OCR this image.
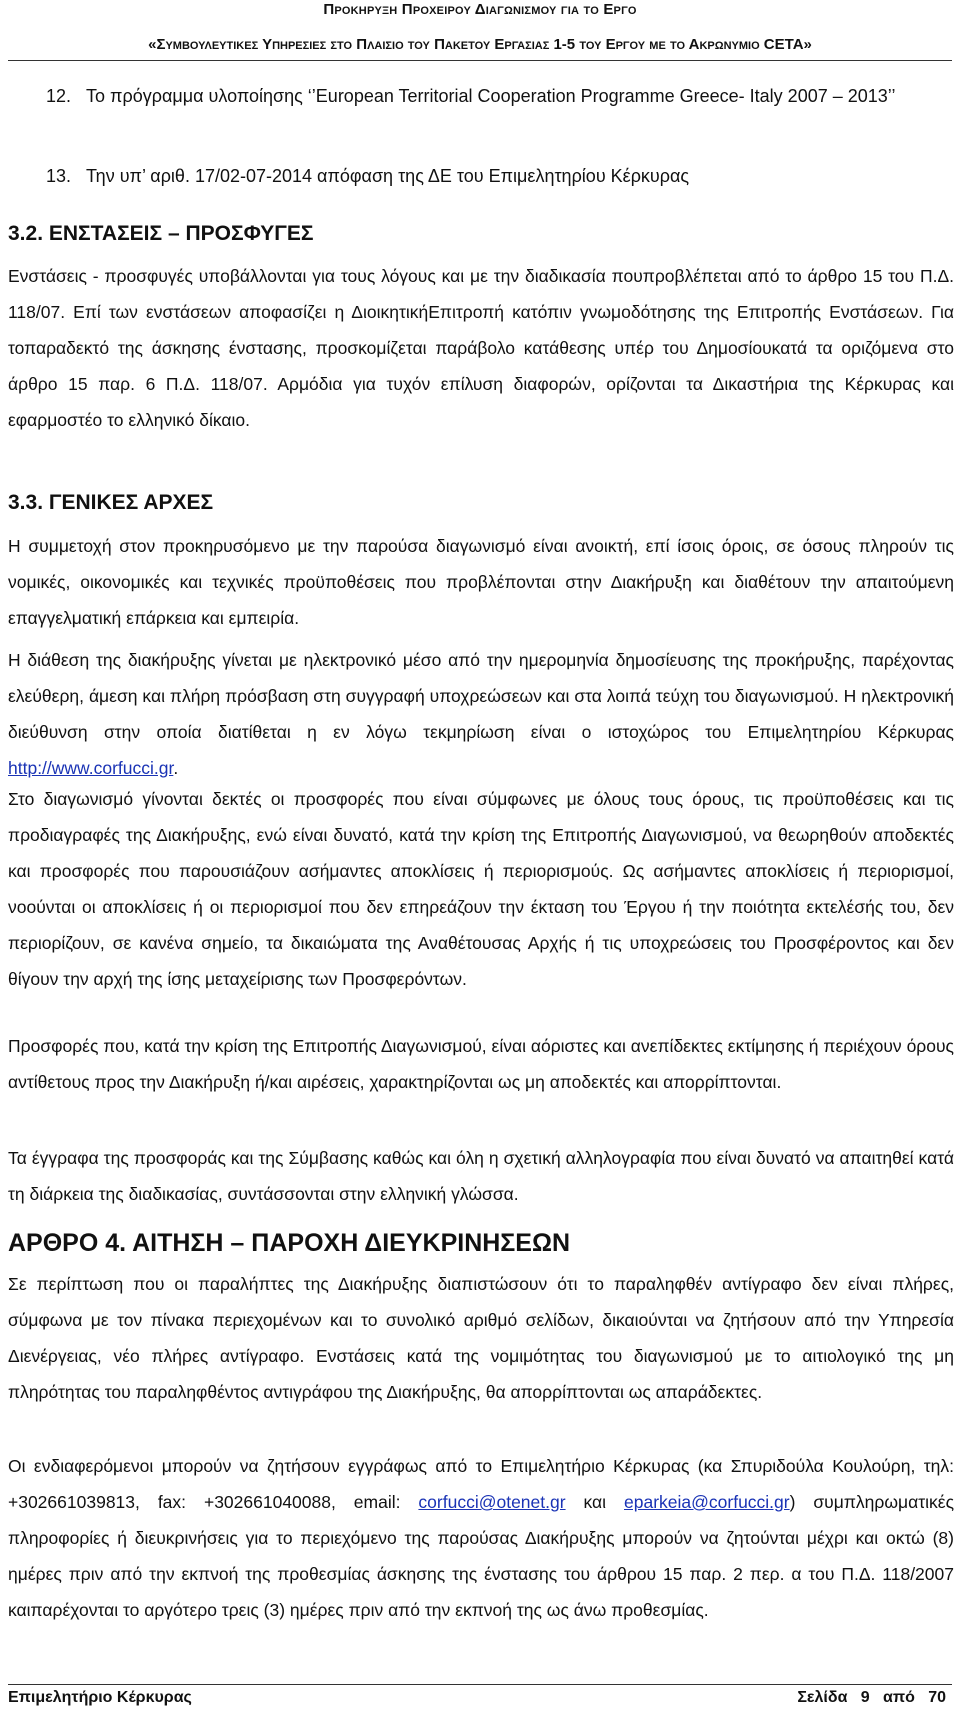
Προκηρυξη Προχειρου Διαγωνισμου για το Εργο
«Συμβουλευτικες Υπηρεσιες στο Πλαισιο του Πακετου Εργασιας 1-5 του Εργου με το Ακρωνυμιο CETA»
12. Το πρόγραμμα υλοποίησης ‘’European Territorial Cooperation Programme Greece- Italy 2007 – 2013’’
13. Την υπ’ αριθ. 17/02-07-2014 απόφαση της ΔΕ του Επιμελητηρίου Κέρκυρας
3.2. ΕΝΣΤΑΣΕΙΣ – ΠΡΟΣΦΥΓΕΣ

Ενστάσεις - προσφυγές υποβάλλονται για τους λόγους και με την διαδικασία πουπροβλέπεται από το άρθρο 15 του Π.Δ. 118/07. Επί των ενστάσεων αποφασίζει η ΔιοικητικήΕπιτροπή κατόπιν γνωμοδότησης της Επιτροπής Ενστάσεων. Για τοπαραδεκτό της άσκησης ένστασης, προσκομίζεται παράβολο κατάθεσης υπέρ του Δημοσίουκατά τα οριζόμενα στο άρθρο 15 παρ. 6 Π.Δ. 118/07. Αρμόδια για τυχόν επίλυση διαφορών, ορίζονται τα Δικαστήρια της Κέρκυρας και εφαρμοστέο το ελληνικό δίκαιο.

3.3. ΓΕΝΙΚΕΣ ΑΡΧΕΣ

Η συμμετοχή στον προκηρυσόμενο με την παρούσα διαγωνισμό είναι ανοικτή, επί ίσοις όροις, σε όσους πληρούν τις νομικές, οικονομικές και τεχνικές προϋποθέσεις που προβλέπονται στην Διακήρυξη και διαθέτουν την απαιτούμενη επαγγελματική επάρκεια και εμπειρία.

Η διάθεση της διακήρυξης γίνεται με ηλεκτρονικό μέσο από την ημερομηνία δημοσίευσης της προκήρυξης, παρέχοντας ελεύθερη, άμεση και πλήρη πρόσβαση στη συγγραφή υποχρεώσεων και στα λοιπά τεύχη του διαγωνισμού. Η ηλεκτρονική διεύθυνση στην οποία διατίθεται η εν λόγω τεκμηρίωση είναι ο ιστοχώρος του Επιμελητηρίου Κέρκυρας http://www.corfucci.gr.

Στο διαγωνισμό γίνονται δεκτές οι προσφορές που είναι σύμφωνες με όλους τους όρους, τις προϋποθέσεις και τις προδιαγραφές της Διακήρυξης, ενώ είναι δυνατό, κατά την κρίση της Επιτροπής Διαγωνισμού, να θεωρηθούν αποδεκτές και προσφορές που παρουσιάζουν ασήμαντες αποκλίσεις ή περιορισμούς. Ως ασήμαντες αποκλίσεις ή περιορισμοί, νοούνται οι αποκλίσεις ή οι περιορισμοί που δεν επηρεάζουν την έκταση του Έργου ή την ποιότητα εκτελέσής του, δεν περιορίζουν, σε κανένα σημείο, τα δικαιώματα της Αναθέτουσας Αρχής ή τις υποχρεώσεις του Προσφέροντος και δεν θίγουν την αρχή της ίσης μεταχείρισης των Προσφερόντων.

Προσφορές που, κατά την κρίση της Επιτροπής Διαγωνισμού, είναι αόριστες και ανεπίδεκτες εκτίμησης ή περιέχουν όρους αντίθετους προς την Διακήρυξη ή/και αιρέσεις, χαρακτηρίζονται ως μη αποδεκτές και απορρίπτονται.

Τα έγγραφα της προσφοράς και της Σύμβασης καθώς και όλη η σχετική αλληλογραφία που είναι δυνατό να απαιτηθεί κατά τη διάρκεια της διαδικασίας, συντάσσονται στην ελληνική γλώσσα.

ΑΡΘΡΟ 4. ΑΙΤΗΣΗ – ΠΑΡΟΧΗ ΔΙΕΥΚΡΙΝΗΣΕΩΝ

Σε περίπτωση που οι παραλήπτες της Διακήρυξης διαπιστώσουν ότι το παραληφθέν αντίγραφο δεν είναι πλήρες, σύμφωνα με τον πίνακα περιεχομένων και το συνολικό αριθμό σελίδων, δικαιούνται να ζητήσουν από την Υπηρεσία Διενέργειας, νέο πλήρες αντίγραφο. Ενστάσεις κατά της νομιμότητας του διαγωνισμού με το αιτιολογικό της μη πληρότητας του παραληφθέντος αντιγράφου της Διακήρυξης, θα απορρίπτονται ως απαράδεκτες.

Οι ενδιαφερόμενοι μπορούν να ζητήσουν εγγράφως από το Επιμελητήριο Κέρκυρας (κα Σπυριδούλα Κουλούρη, τηλ: +302661039813, fax: +302661040088, email: corfucci@otenet.gr και eparkeia@corfucci.gr) συμπληρωματικές πληροφορίες ή διευκρινήσεις για το περιεχόμενο της παρούσας Διακήρυξης μπορούν να ζητούνται μέχρι και οκτώ (8) ημέρες πριν από την εκπνοή της προθεσμίας άσκησης της ένστασης του άρθρου 15 παρ. 2 περ. α του Π.Δ. 118/2007 καιπαρέχονται το αργότερο τρεις (3) ημέρες πριν από την εκπνοή της ως άνω προθεσμίας.

Επιμελητήριο Κέρκυρας	Σελίδα 9 από 70
